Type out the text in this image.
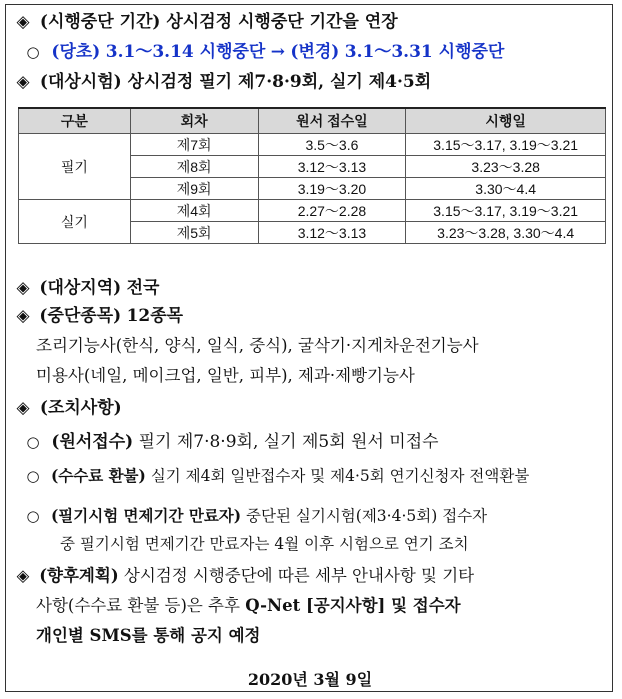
◈ (시행중단 기간) 상시검정 시행중단 기간을 연장
○ (당초) 3.1～3.14 시행중단 → (변경) 3.1～3.31 시행중단
◈ (대상시험) 상시검정 필기 제7·8·9회, 실기 제4·5회
구분	회차	원서 접수일	시행일
필기	제7회	3.5～3.6	3.15～3.17, 3.19～3.21
	제8회	3.12～3.13	3.23～3.28
	제9회	3.19～3.20	3.30～4.4
실기	제4회	2.27～2.28	3.15～3.17, 3.19～3.21
	제5회	3.12～3.13	3.23～3.28, 3.30～4.4
◈ (대상지역) 전국
◈ (중단종목) 12종목
조리기능사(한식, 양식, 일식, 중식), 굴삭기·지게차운전기능사
미용사(네일, 메이크업, 일반, 피부), 제과·제빵기능사
◈ (조치사항)
○ (원서접수) 필기 제7·8·9회, 실기 제5회 원서 미접수
○ (수수료 환불) 실기 제4회 일반접수자 및 제4·5회 연기신청자 전액환불
○ (필기시험 면제기간 만료자) 중단된 실기시험(제3·4·5회) 접수자
중 필기시험 면제기간 만료자는 4월 이후 시험으로 연기 조치
◈ (향후계획) 상시검정 시행중단에 따른 세부 안내사항 및 기타
사항(수수료 환불 등)은 추후 Q-Net [공지사항] 및 접수자
개인별 SMS를 통해 공지 예정
2020년 3월 9일
